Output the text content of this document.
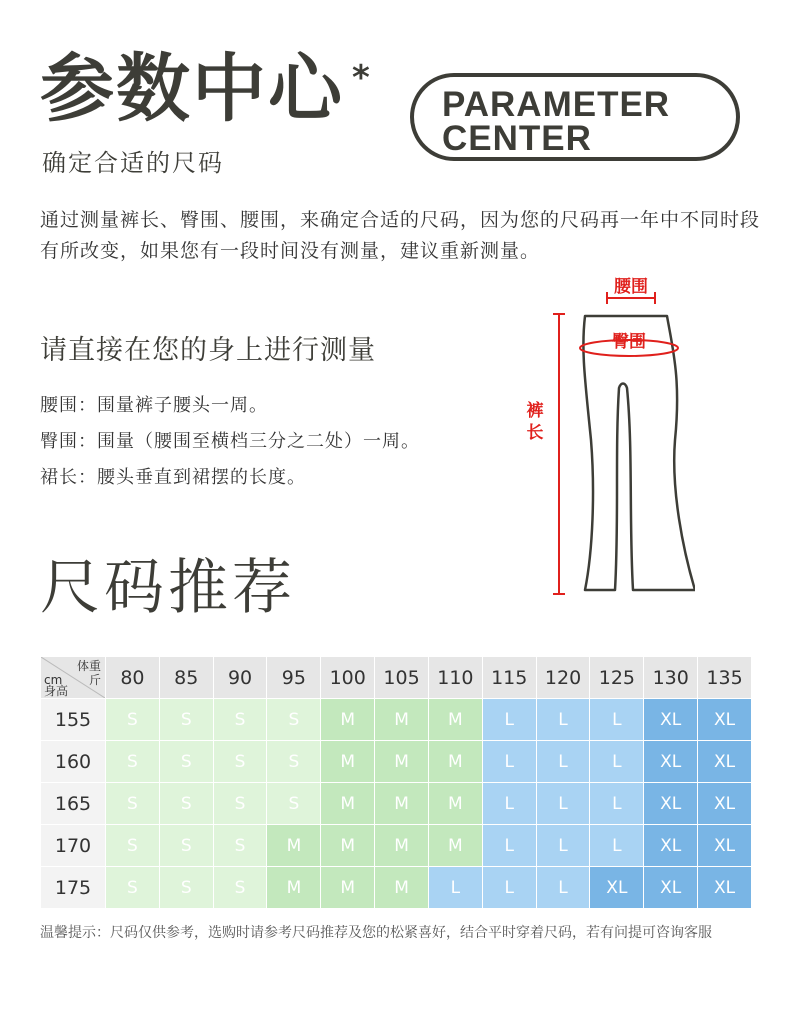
参数中心 *
确定合适的尺码
PARAMETER
CENTER
通过测量裤长、臀围、腰围，来确定合适的尺码，因为您的尺码再一年中不同时段有所改变，如果您有一段时间没有测量，建议重新测量。
请直接在您的身上进行测量
腰围：围量裤子腰头一周。
臀围：围量（腰围至横档三分之二处）一周。
裙长：腰头垂直到裙摆的长度。
腰围
臀围
裤
长
尺码推荐
体重
斤
cm
身高	80	85	90	95	100	105	110	115	120	125	130	135
155	S	S	S	S	M	M	M	L	L	L	XL	XL
160	S	S	S	S	M	M	M	L	L	L	XL	XL
165	S	S	S	S	M	M	M	L	L	L	XL	XL
170	S	S	S	M	M	M	M	L	L	L	XL	XL
175	S	S	S	M	M	M	L	L	L	XL	XL	XL
温馨提示：尺码仅供参考，选购时请参考尺码推荐及您的松紧喜好，结合平时穿着尺码，若有问提可咨询客服
